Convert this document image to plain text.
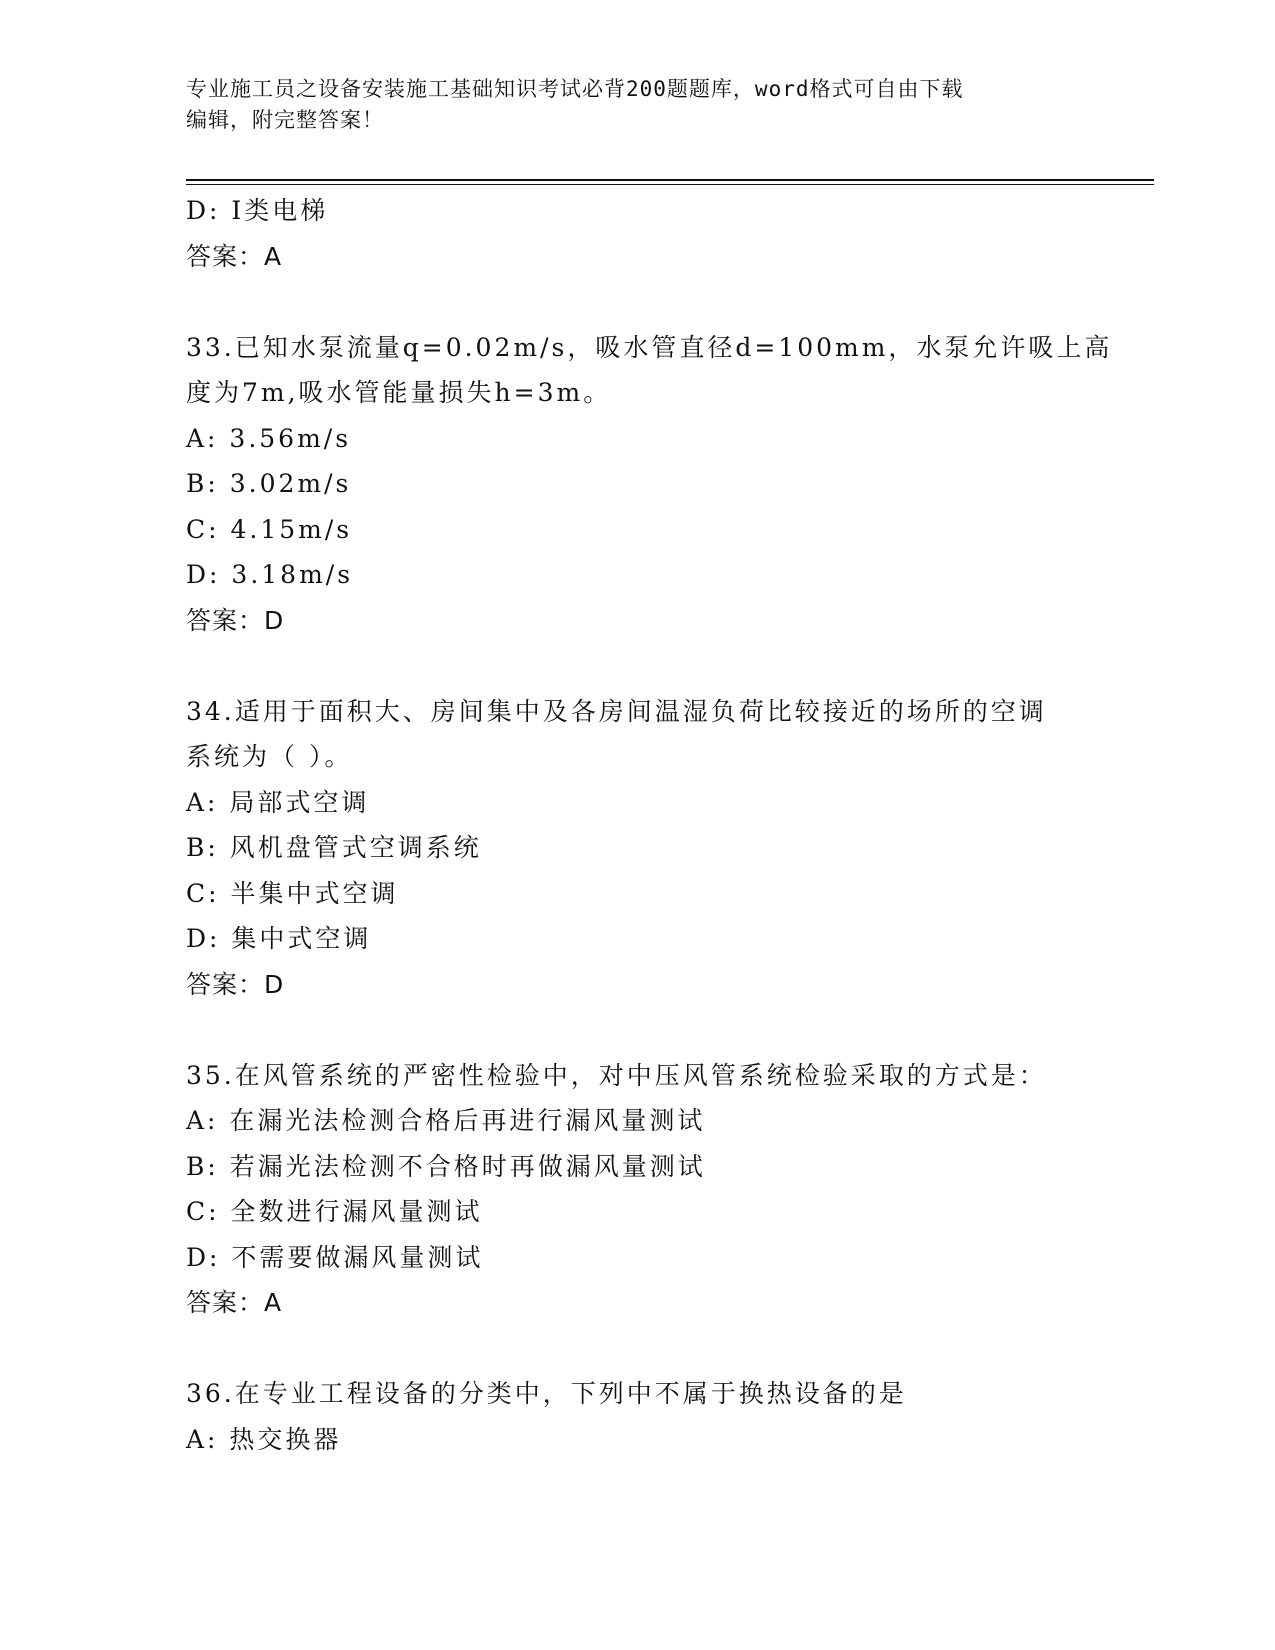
专业施工员之设备安装施工基础知识考试必背200题题库，word格式可自由下载
编辑，附完整答案！
D: I类电梯
答案：A
33.已知水泵流量q=0.02m/s，吸水管直径d=100mm，水泵允许吸上高
度为7m,吸水管能量损失h=3m。
A: 3.56m/s
B: 3.02m/s
C: 4.15m/s
D: 3.18m/s
答案：D
34.适用于面积大、房间集中及各房间温湿负荷比较接近的场所的空调
系统为（ ）。
A: 局部式空调
B: 风机盘管式空调系统
C: 半集中式空调
D: 集中式空调
答案：D
35.在风管系统的严密性检验中，对中压风管系统检验采取的方式是：
A: 在漏光法检测合格后再进行漏风量测试
B: 若漏光法检测不合格时再做漏风量测试
C: 全数进行漏风量测试
D: 不需要做漏风量测试
答案：A
36.在专业工程设备的分类中，下列中不属于换热设备的是
A: 热交换器
